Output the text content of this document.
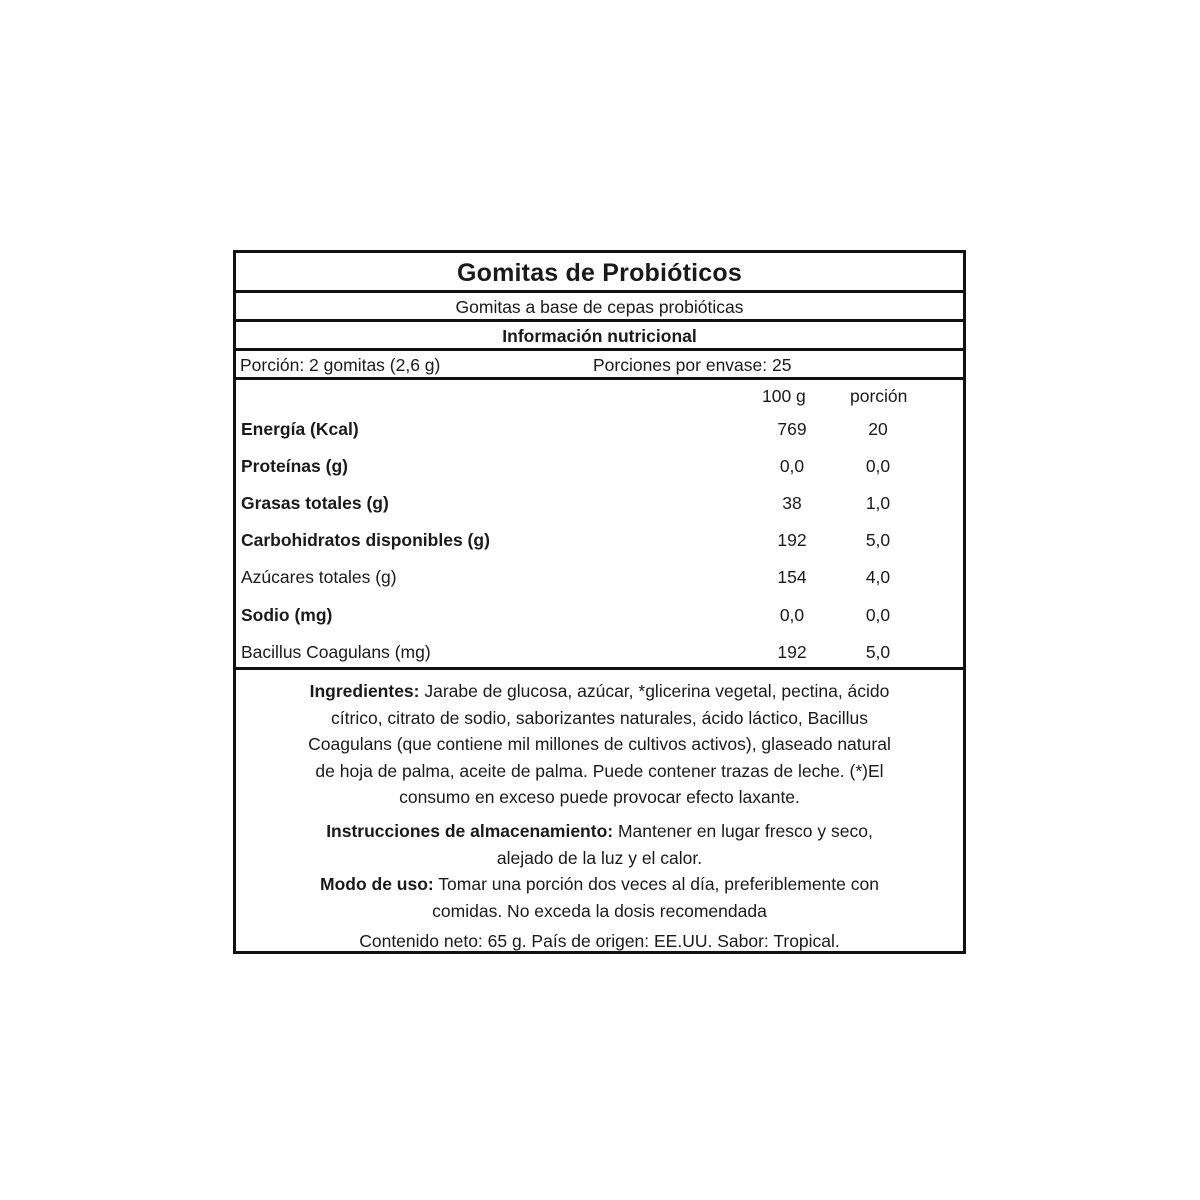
Gomitas de Probióticos
Gomitas a base de cepas probióticas
Información nutricional
Porción: 2 gomitas (2,6 g)	Porciones por envase: 25
100 g	porción
Energía (Kcal)	769	20
Proteínas (g)	0,0	0,0
Grasas totales (g)	38	1,0
Carbohidratos disponibles (g)	192	5,0
Azúcares totales (g)	154	4,0
Sodio (mg)	0,0	0,0
Bacillus Coagulans (mg)	192	5,0
Ingredientes: Jarabe de glucosa, azúcar, *glicerina vegetal, pectina, ácido
cítrico, citrato de sodio, saborizantes naturales, ácido láctico, Bacillus
Coagulans (que contiene mil millones de cultivos activos), glaseado natural
de hoja de palma, aceite de palma. Puede contener trazas de leche. (*)El
consumo en exceso puede provocar efecto laxante.
Instrucciones de almacenamiento: Mantener en lugar fresco y seco,
alejado de la luz y el calor.
Modo de uso: Tomar una porción dos veces al día, preferiblemente con
comidas. No exceda la dosis recomendada
Contenido neto: 65 g. País de origen: EE.UU. Sabor: Tropical.
